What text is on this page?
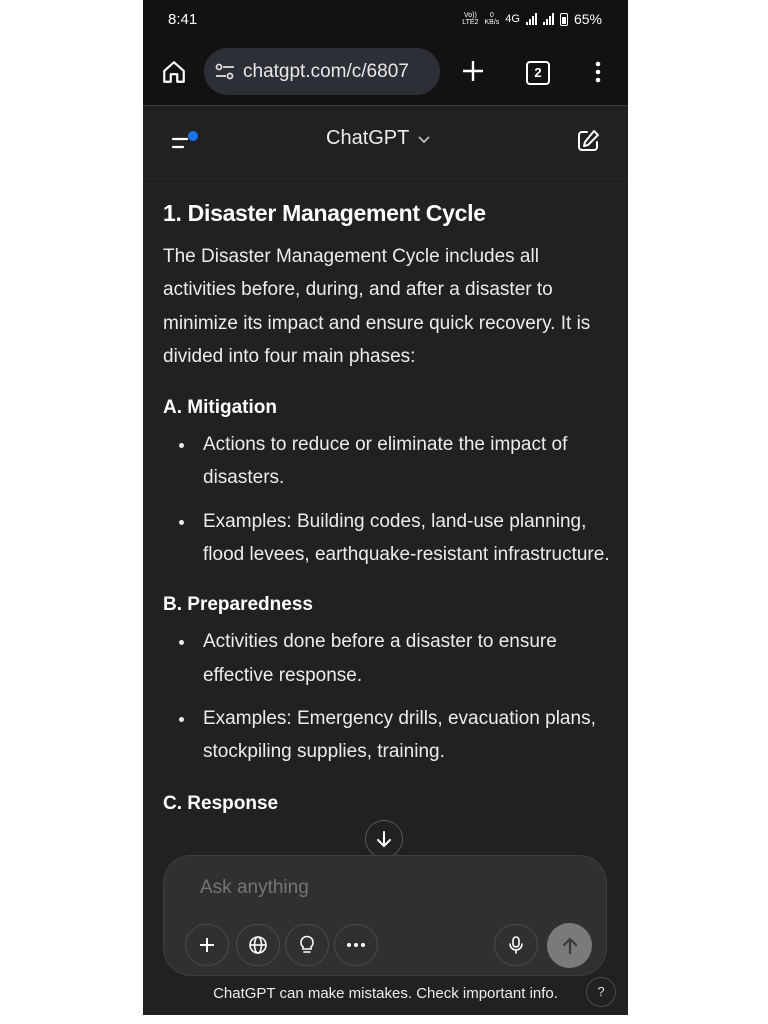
8:41	Vo))
LTE2
0
KB/s 4G	65%
chatgpt.com/c/6807	2
ChatGPT
1. Disaster Management Cycle

The Disaster Management Cycle includes all activities before, during, and after a disaster to minimize its impact and ensure quick recovery. It is divided into four main phases:

A. Mitigation
Actions to reduce or eliminate the impact of disasters.
Examples: Building codes, land-use planning, flood levees, earthquake-resistant infrastructure.
B. Preparedness
Activities done before a disaster to ensure effective response.
Examples: Emergency drills, evacuation plans, stockpiling supplies, training.
C. Response
Ask anything
ChatGPT can make mistakes. Check important info.	?
